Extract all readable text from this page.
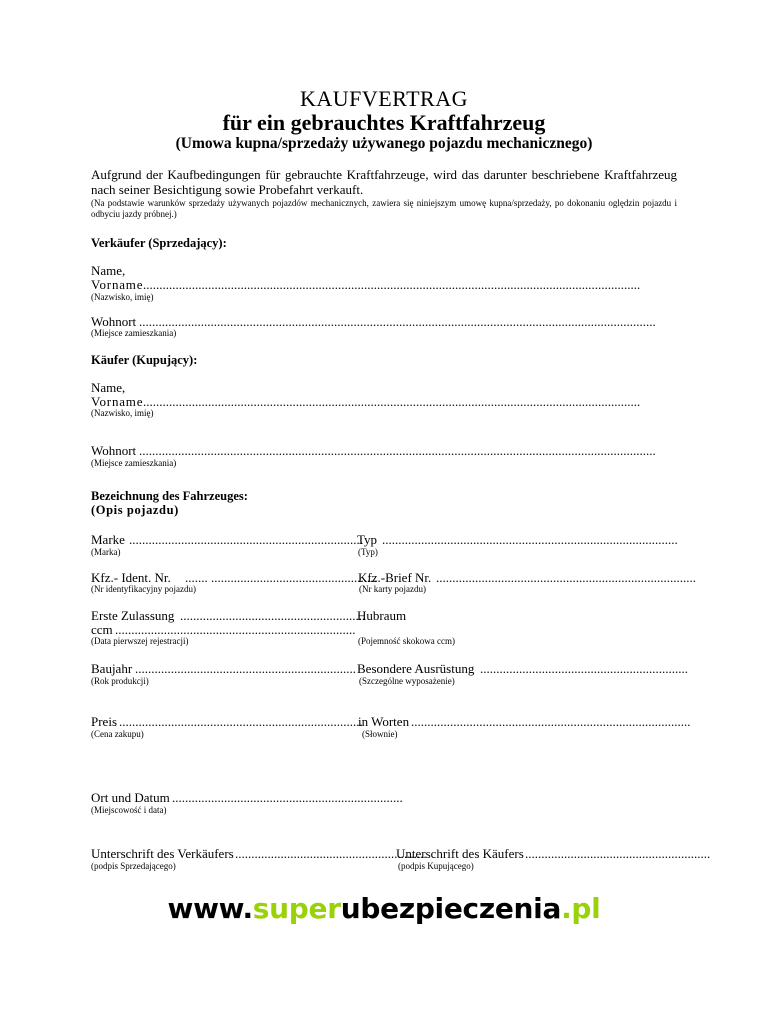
KAUFVERTRAG
für ein gebrauchtes Kraftfahrzeug
(Umowa kupna/sprzedaży używanego pojazdu mechanicznego)
Aufgrund der Kaufbedingungen für gebrauchte Kraftfahrzeuge, wird das darunter beschriebene Kraftfahrzeug nach seiner Besichtigung sowie Probefahrt verkauft.
(Na podstawie warunków sprzedaży używanych pojazdów mechanicznych, zawiera się niniejszym umowę kupna/sprzedaży, po dokonaniu oględzin pojazdu i odbyciu jazdy próbnej.)
Verkäufer (Sprzedający):
Name,
Vorname .........................................................................................................................................................
(Nazwisko, imię)
Wohnort ...............................................................................................................................................................
(Miejsce zamieszkania)
Käufer (Kupujący):
Name,
Vorname .........................................................................................................................................................
(Nazwisko, imię)
Wohnort ...............................................................................................................................................................
(Miejsce zamieszkania)
Bezeichnung des Fahrzeuges:
(Opis pojazdu)
Marke ........................................................................
(Marka)
Typ ...........................................................................................
(Typ)
Kfz.- Ident. Nr. ....... ...................................................
(Nr identyfikacyjny pojazdu)
Kfz.-Brief Nr. ................................................................................
(Nr karty pojazdu)
Erste Zulassung .........................................................
Hubraum
ccm ..........................................................................
(Data pierwszej rejestracji)	(Pojemność skokowa ccm)
Baujahr ....................................................................
(Rok produkcji)
Besondere Ausrüstung ................................................................
(Szczególne wyposażenie)
Preis ...........................................................................
(Cena zakupu)
in Worten ......................................................................................
(Słownie)
Ort und Datum .......................................................................
(Miejscowość i data)
Unterschrift des Verkäufers ...........................................................
(podpis Sprzedającego)
Unterschrift des Käufers .........................................................
(podpis Kupującego)
www.superubezpieczenia.pl
